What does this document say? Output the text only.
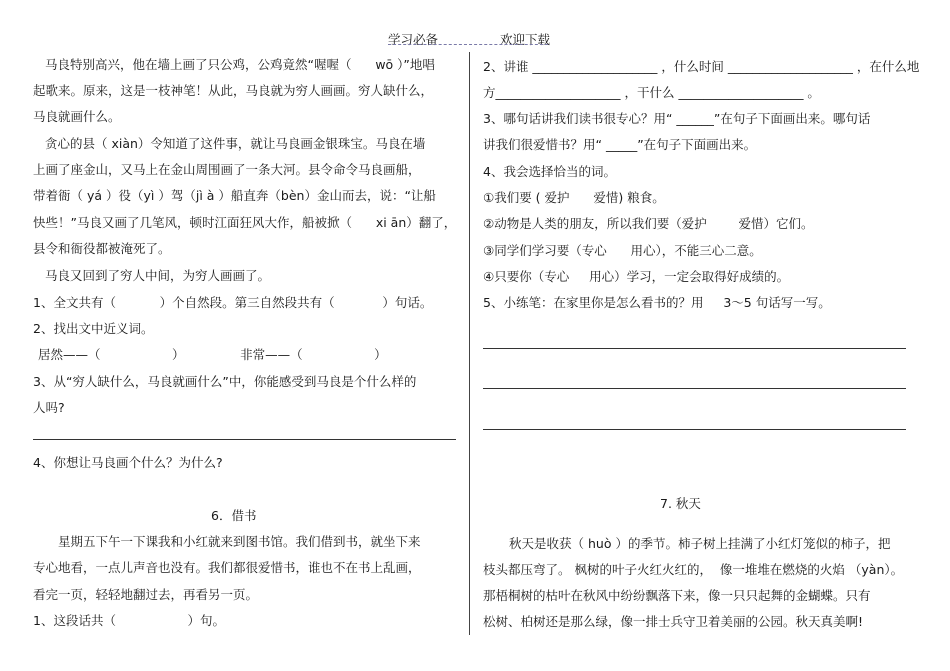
学习必备	欢迎下载
马良特别高兴，他在墙上画了只公鸡，公鸡竟然“喔喔（      wō ）”地唱
起歌来。原来，这是一枝神笔！从此，马良就为穷人画画。穷人缺什么，
马良就画什么。
贪心的县（ xiàn）令知道了这件事，就让马良画金银珠宝。马良在墙
上画了座金山，又马上在金山周围画了一条大河。县令命令马良画船，
带着衙（ yá ）役（yì ）驾（jì à ）船直奔（bèn）金山而去，说：“让船
快些！”马良又画了几笔风，顿时江面狂风大作，船被掀（      xi ān）翻了，
县令和衙役都被淹死了。
马良又回到了穷人中间，为穷人画画了。
1、全文共有（           ）个自然段。第三自然段共有（            ）句话。
2、找出文中近义词。
居然——（                  ）              非常——（                  ）
3、从“穷人缺什么，马良就画什么”中，你能感受到马良是个什么样的
人吗?
4、你想让马良画个什么？为什么?
6．借书
星期五下午一下课我和小红就来到图书馆。我们借到书，就坐下来
专心地看，一点儿声音也没有。我们都很爱惜书，谁也不在书上乱画，
看完一页，轻轻地翻过去，再看另一页。
1、这段话共（                  ）句。
2、讲谁 ____________________ ，什么时间 ____________________ ，在什么地
方____________________ ，干什么 ____________________ 。
3、哪句话讲我们读书很专心？用“ ______”在句子下面画出来。哪句话
讲我们很爱惜书？用“ _____”在句子下面画出来。
4、我会选择恰当的词。
①我们要 ( 爱护      爱惜) 粮食。
②动物是人类的朋友，所以我们要（爱护        爱惜）它们。
③同学们学习要（专心      用心），不能三心二意。
④只要你（专心     用心）学习，一定会取得好成绩的。
5、小练笔：在家里你是怎么看书的？用     3～5 句话写一写。
7. 秋天
秋天是收获（ huò ）的季节。柿子树上挂满了小红灯笼似的柿子，把
枝头都压弯了。 枫树的叶子火红火红的，  像一堆堆在燃烧的火焰 （yàn）。
那梧桐树的枯叶在秋风中纷纷飘落下来，像一只只起舞的金蝴蝶。只有
松树、柏树还是那么绿，像一排士兵守卫着美丽的公园。秋天真美啊!
